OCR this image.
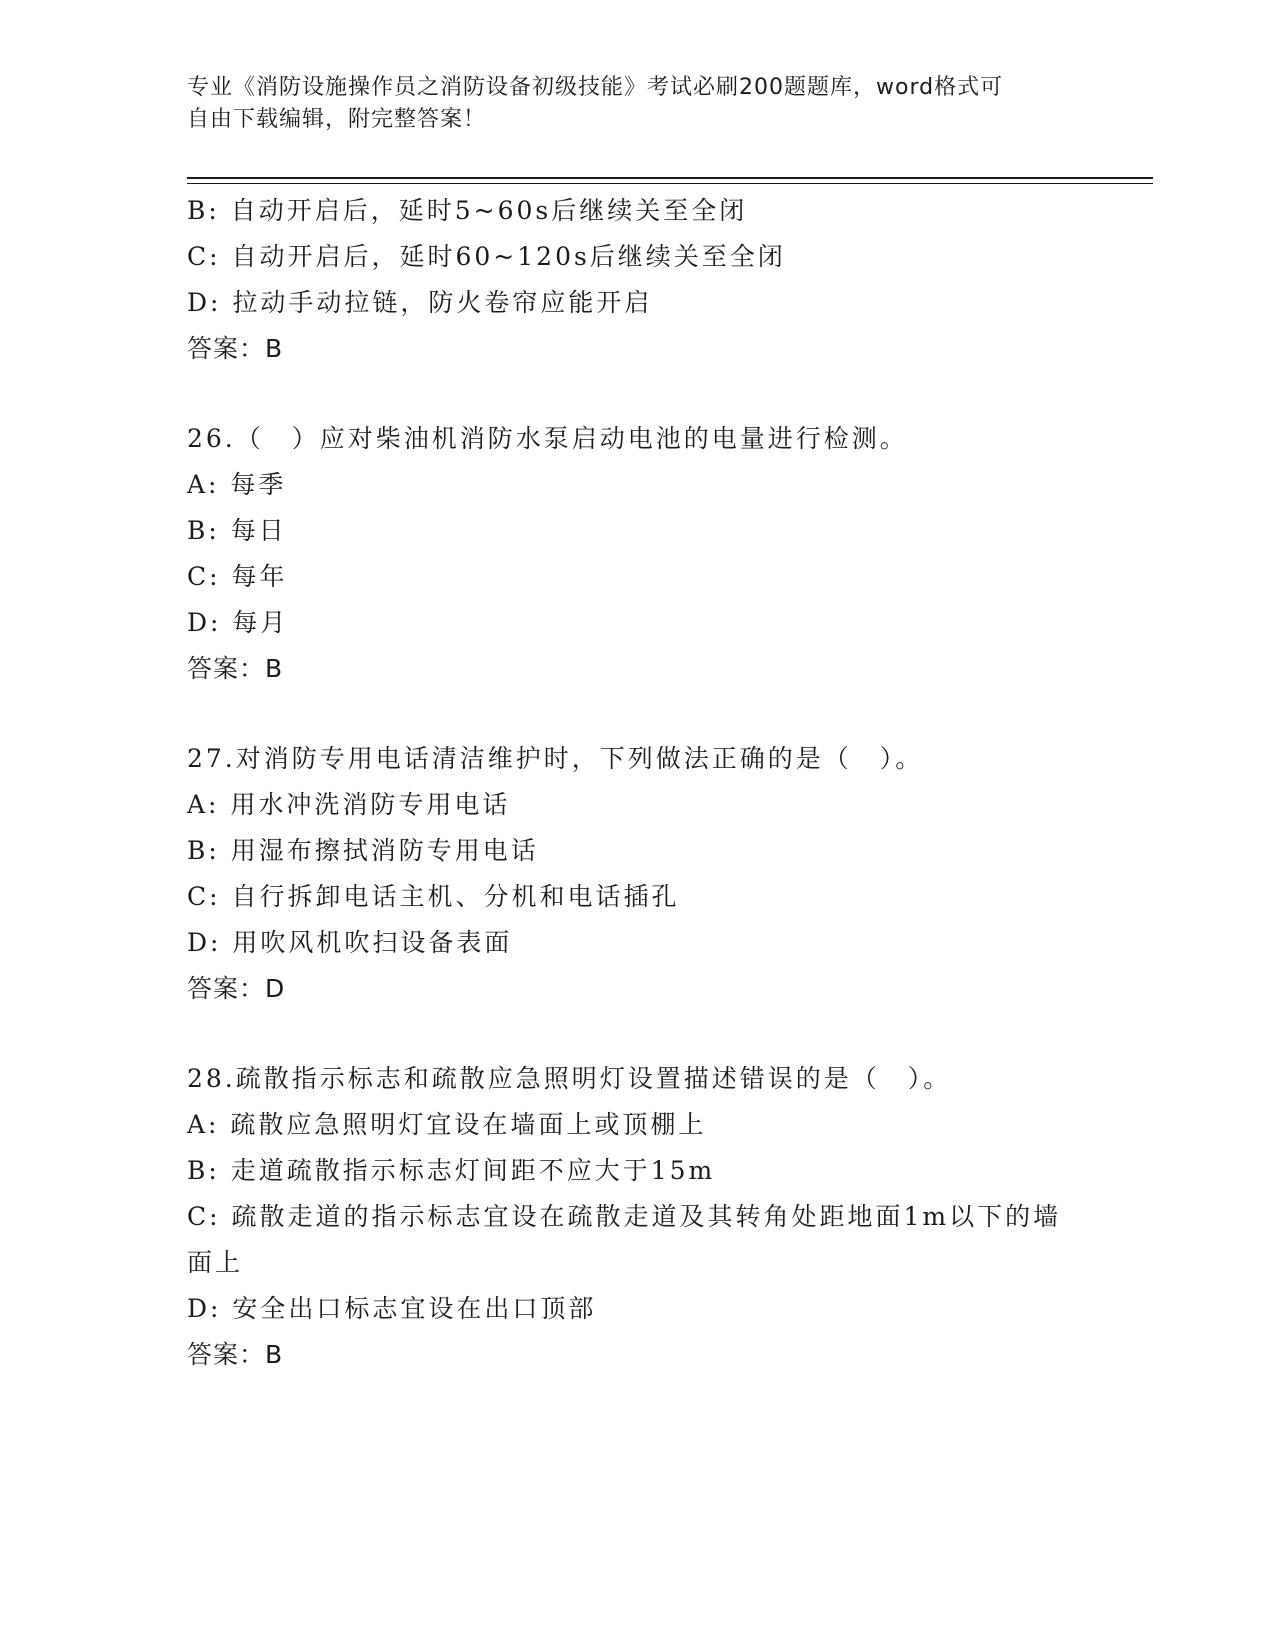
专业《消防设施操作员之消防设备初级技能》考试必刷200题题库，word格式可
自由下载编辑，附完整答案！
B: 自动开启后，延时5~60s后继续关至全闭
C: 自动开启后，延时60~120s后继续关至全闭
D: 拉动手动拉链，防火卷帘应能开启
答案：B
26.（　）应对柴油机消防水泵启动电池的电量进行检测。
A: 每季
B: 每日
C: 每年
D: 每月
答案：B
27.对消防专用电话清洁维护时，下列做法正确的是（　）。
A: 用水冲洗消防专用电话
B: 用湿布擦拭消防专用电话
C: 自行拆卸电话主机、分机和电话插孔
D: 用吹风机吹扫设备表面
答案：D
28.疏散指示标志和疏散应急照明灯设置描述错误的是（　）。
A: 疏散应急照明灯宜设在墙面上或顶棚上
B: 走道疏散指示标志灯间距不应大于15m
C: 疏散走道的指示标志宜设在疏散走道及其转角处距地面1m以下的墙面上
D: 安全出口标志宜设在出口顶部
答案：B
